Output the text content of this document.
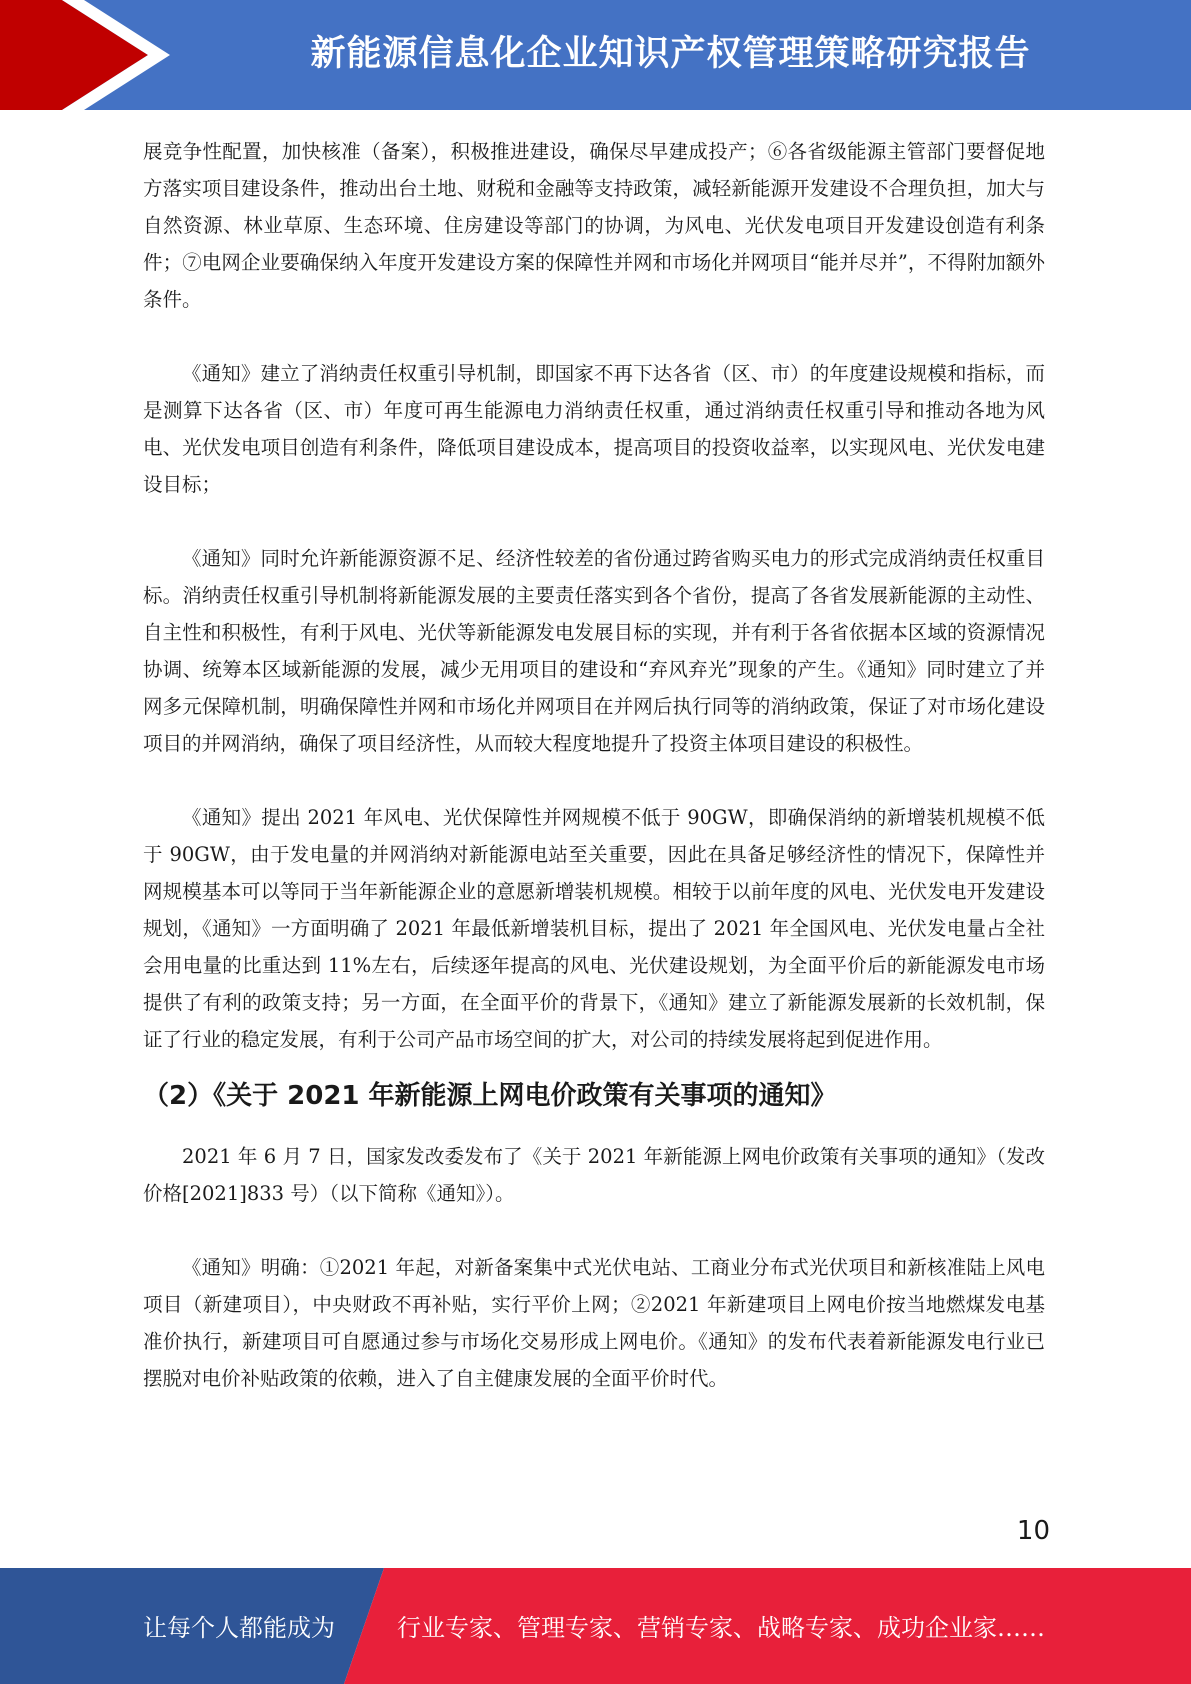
新能源信息化企业知识产权管理策略研究报告

展竞争性配置，加快核准（备案），积极推进建设，确保尽早建成投产；⑥各省级能源主管部门要督促地方落实项目建设条件，推动出台土地、财税和金融等支持政策，减轻新能源开发建设不合理负担，加大与自然资源、林业草原、生态环境、住房建设等部门的协调，为风电、光伏发电项目开发建设创造有利条件；⑦电网企业要确保纳入年度开发建设方案的保障性并网和市场化并网项目“能并尽并”，不得附加额外条件。

《通知》建立了消纳责任权重引导机制，即国家不再下达各省（区、市）的年度建设规模和指标，而是测算下达各省（区、市）年度可再生能源电力消纳责任权重，通过消纳责任权重引导和推动各地为风电、光伏发电项目创造有利条件，降低项目建设成本，提高项目的投资收益率，以实现风电、光伏发电建设目标；

《通知》同时允许新能源资源不足、经济性较差的省份通过跨省购买电力的形式完成消纳责任权重目标。消纳责任权重引导机制将新能源发展的主要责任落实到各个省份，提高了各省发展新能源的主动性、自主性和积极性，有利于风电、光伏等新能源发电发展目标的实现，并有利于各省依据本区域的资源情况协调、统筹本区域新能源的发展，减少无用项目的建设和“弃风弃光”现象的产生。《通知》同时建立了并网多元保障机制，明确保障性并网和市场化并网项目在并网后执行同等的消纳政策，保证了对市场化建设项目的并网消纳，确保了项目经济性，从而较大程度地提升了投资主体项目建设的积极性。

《通知》提出 2021 年风电、光伏保障性并网规模不低于 90GW，即确保消纳的新增装机规模不低于 90GW，由于发电量的并网消纳对新能源电站至关重要，因此在具备足够经济性的情况下，保障性并网规模基本可以等同于当年新能源企业的意愿新增装机规模。相较于以前年度的风电、光伏发电开发建设规划，《通知》一方面明确了 2021 年最低新增装机目标，提出了 2021 年全国风电、光伏发电量占全社会用电量的比重达到 11%左右，后续逐年提高的风电、光伏建设规划，为全面平价后的新能源发电市场提供了有利的政策支持；另一方面，在全面平价的背景下，《通知》建立了新能源发展新的长效机制，保证了行业的稳定发展，有利于公司产品市场空间的扩大，对公司的持续发展将起到促进作用。

（2）《关于 2021 年新能源上网电价政策有关事项的通知》

2021 年 6 月 7 日，国家发改委发布了《关于 2021 年新能源上网电价政策有关事项的通知》（发改价格[2021]833 号）（以下简称《通知》）。

《通知》明确：①2021 年起，对新备案集中式光伏电站、工商业分布式光伏项目和新核准陆上风电项目（新建项目），中央财政不再补贴，实行平价上网；②2021 年新建项目上网电价按当地燃煤发电基准价执行，新建项目可自愿通过参与市场化交易形成上网电价。《通知》的发布代表着新能源发电行业已摆脱对电价补贴政策的依赖，进入了自主健康发展的全面平价时代。

10
让每个人都能成为	行业专家、管理专家、营销专家、战略专家、成功企业家……
